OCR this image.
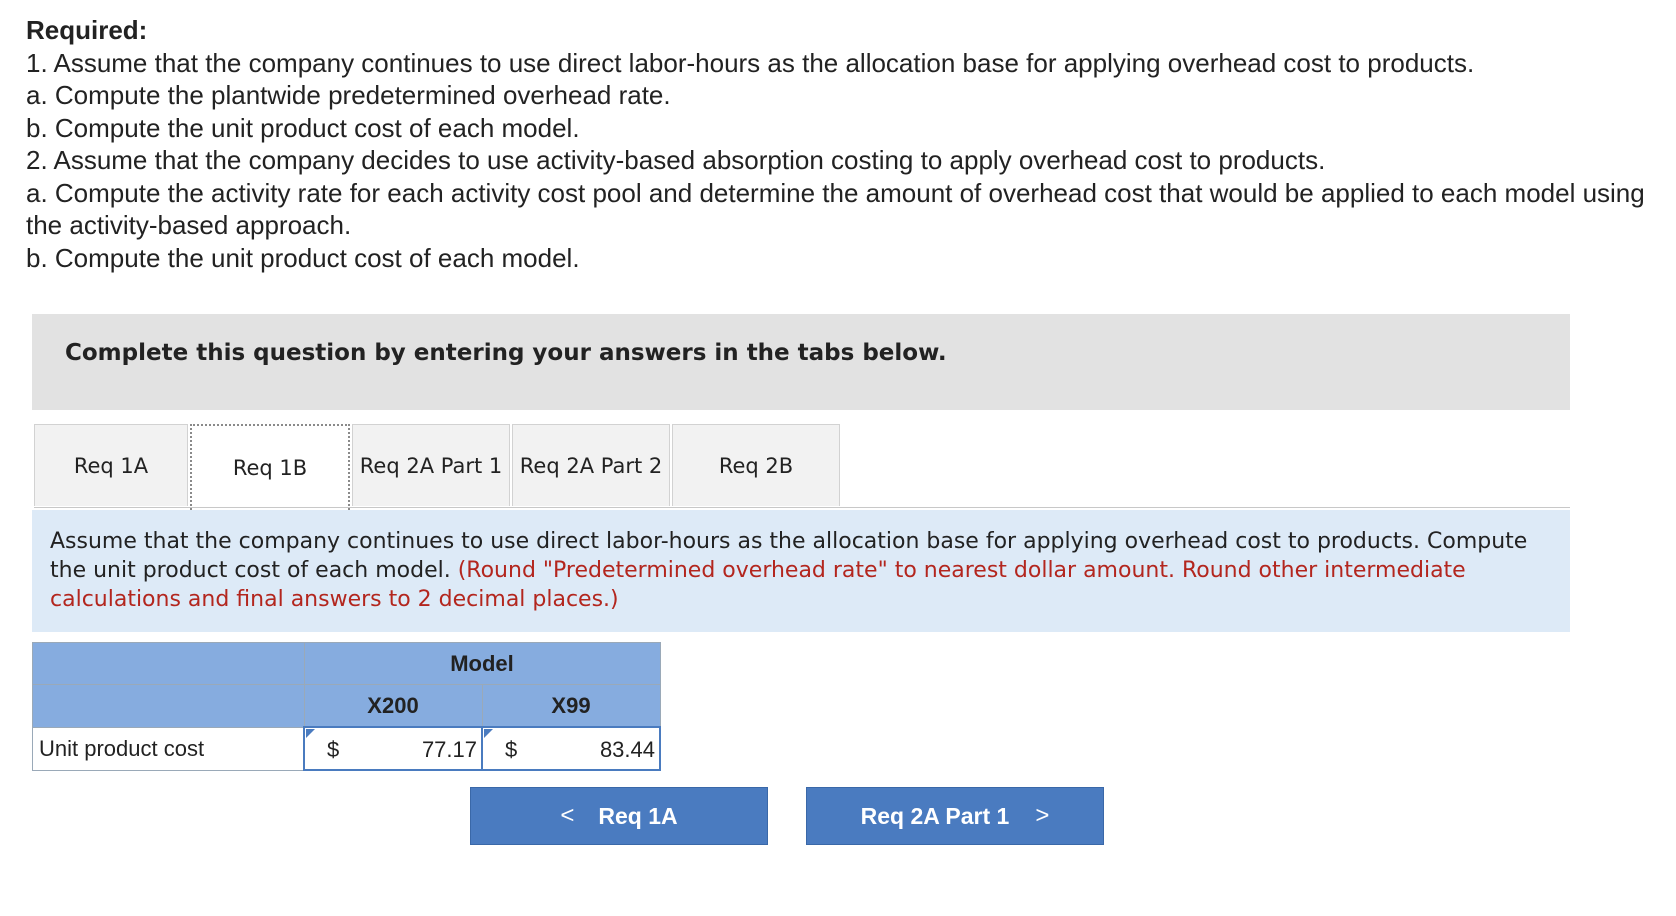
Required:

1. Assume that the company continues to use direct labor-hours as the allocation base for applying overhead cost to products.

a. Compute the plantwide predetermined overhead rate.

b. Compute the unit product cost of each model.

2. Assume that the company decides to use activity-based absorption costing to apply overhead cost to products.

a. Compute the activity rate for each activity cost pool and determine the amount of overhead cost that would be applied to each model using the activity-based approach.

b. Compute the unit product cost of each model.

Complete this question by entering your answers in the tabs below.
Req 1A	Req 1B	Req 2A Part 1 Req 2A Part 2	Req 2B
Assume that the company continues to use direct labor-hours as the allocation base for applying overhead cost to products. Compute the unit product cost of each model. (Round "Predetermined overhead rate" to nearest dollar amount. Round other intermediate calculations and final answers to 2 decimal places.)
	Model	
	X200	X99
Unit product cost	$ 77.17	$ 83.44
< Req 1A	Req 2A Part 1 >
